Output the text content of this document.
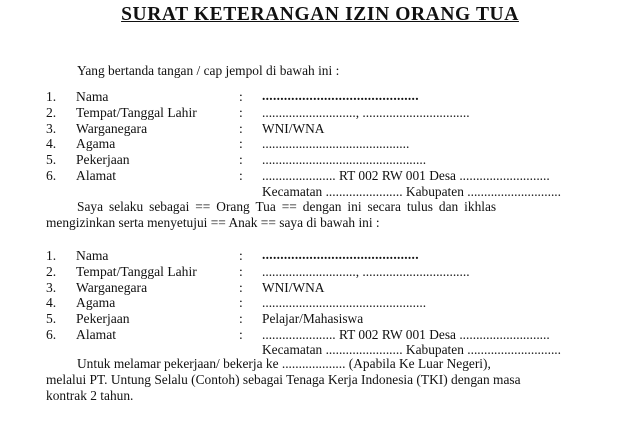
SURAT KETERANGAN IZIN ORANG TUA
Yang bertanda tangan / cap jempol di bawah ini :
1.	Nama	: ...........................................
2.	Tempat/Tanggal Lahir	: ............................, ................................
3.	Warganegara	: WNI/WNA
4.	Agama	: ............................................
5.	Pekerjaan	: .................................................
6.	Alamat	: ...................... RT 002 RW 001 Desa ...........................
Kecamatan ....................... Kabupaten ............................
Saya selaku sebagai == Orang Tua == dengan ini secara tulus dan ikhlas
mengizinkan serta menyetujui == Anak == saya di bawah ini :
1.	Nama	: ...........................................
2.	Tempat/Tanggal Lahir	: ............................, ................................
3.	Warganegara	: WNI/WNA
4.	Agama	: .................................................
5.	Pekerjaan	: Pelajar/Mahasiswa
6.	Alamat	: ...................... RT 002 RW 001 Desa ...........................
Kecamatan ....................... Kabupaten ............................
Untuk melamar pekerjaan/ bekerja ke ................... (Apabila Ke Luar Negeri),
melalui PT. Untung Selalu (Contoh) sebagai Tenaga Kerja Indonesia (TKI) dengan masa
kontrak 2 tahun.
